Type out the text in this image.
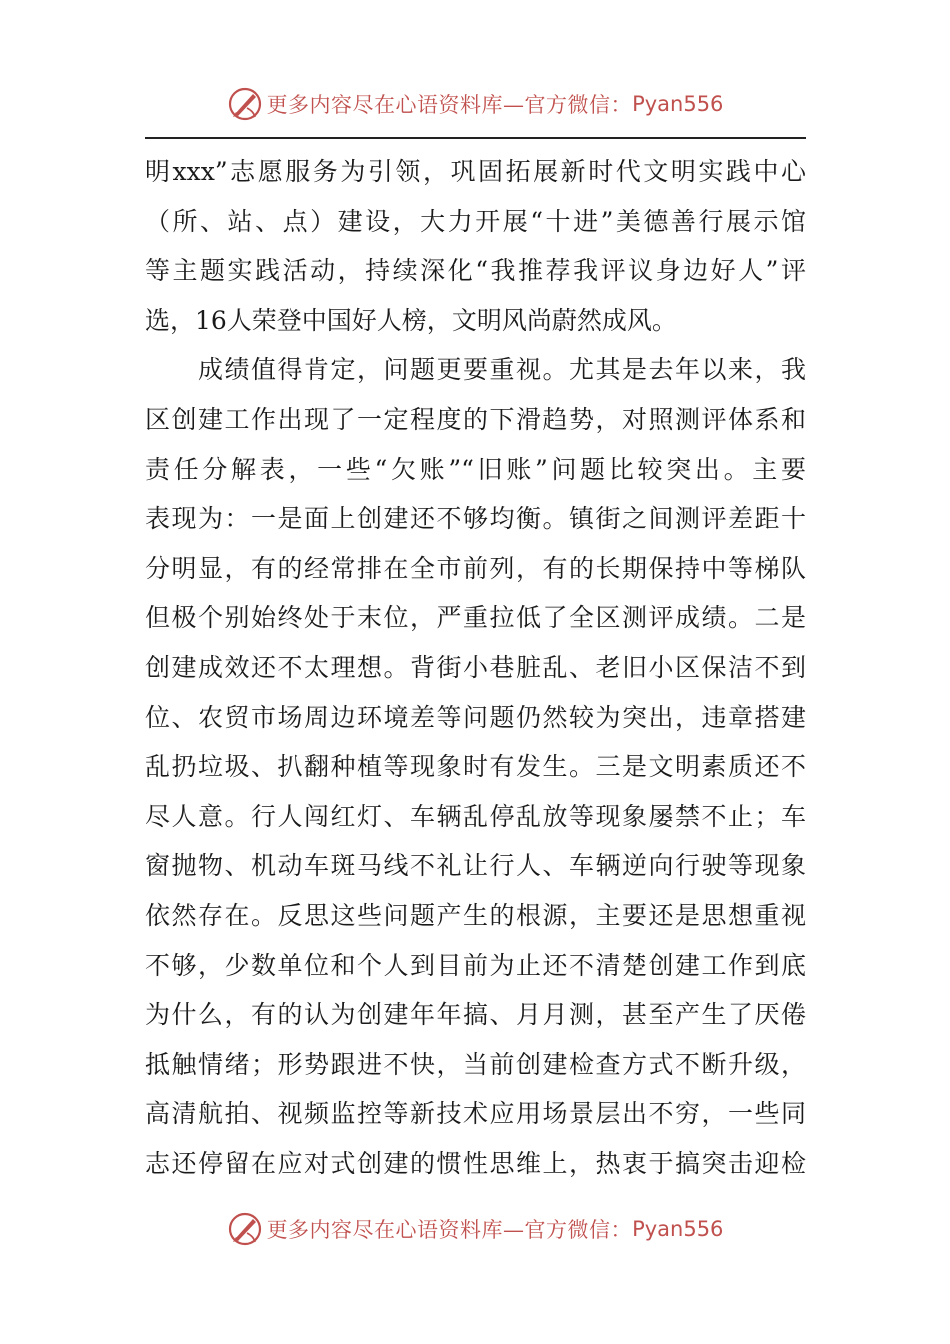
更多内容尽在心语资料库—官方微信： Pyan556
明xxx”志愿服务为引领，巩固拓展新时代文明实践中心
（所、站、点）建设，大力开展“十进”美德善行展示馆
等主题实践活动，持续深化“我推荐我评议身边好人”评
选，16人荣登中国好人榜，文明风尚蔚然成风。
　　成绩值得肯定，问题更要重视。尤其是去年以来，我
区创建工作出现了一定程度的下滑趋势，对照测评体系和
责任分解表，一些“欠账”“旧账”问题比较突出。主要
表现为：一是面上创建还不够均衡。镇街之间测评差距十
分明显，有的经常排在全市前列，有的长期保持中等梯队
但极个别始终处于末位，严重拉低了全区测评成绩。二是
创建成效还不太理想。背街小巷脏乱、老旧小区保洁不到
位、农贸市场周边环境差等问题仍然较为突出，违章搭建
乱扔垃圾、扒翻种植等现象时有发生。三是文明素质还不
尽人意。行人闯红灯、车辆乱停乱放等现象屡禁不止；车
窗抛物、机动车斑马线不礼让行人、车辆逆向行驶等现象
依然存在。反思这些问题产生的根源，主要还是思想重视
不够，少数单位和个人到目前为止还不清楚创建工作到底
为什么，有的认为创建年年搞、月月测，甚至产生了厌倦
抵触情绪；形势跟进不快，当前创建检查方式不断升级，
高清航拍、视频监控等新技术应用场景层出不穷，一些同
志还停留在应对式创建的惯性思维上，热衷于搞突击迎检
更多内容尽在心语资料库—官方微信： Pyan556
